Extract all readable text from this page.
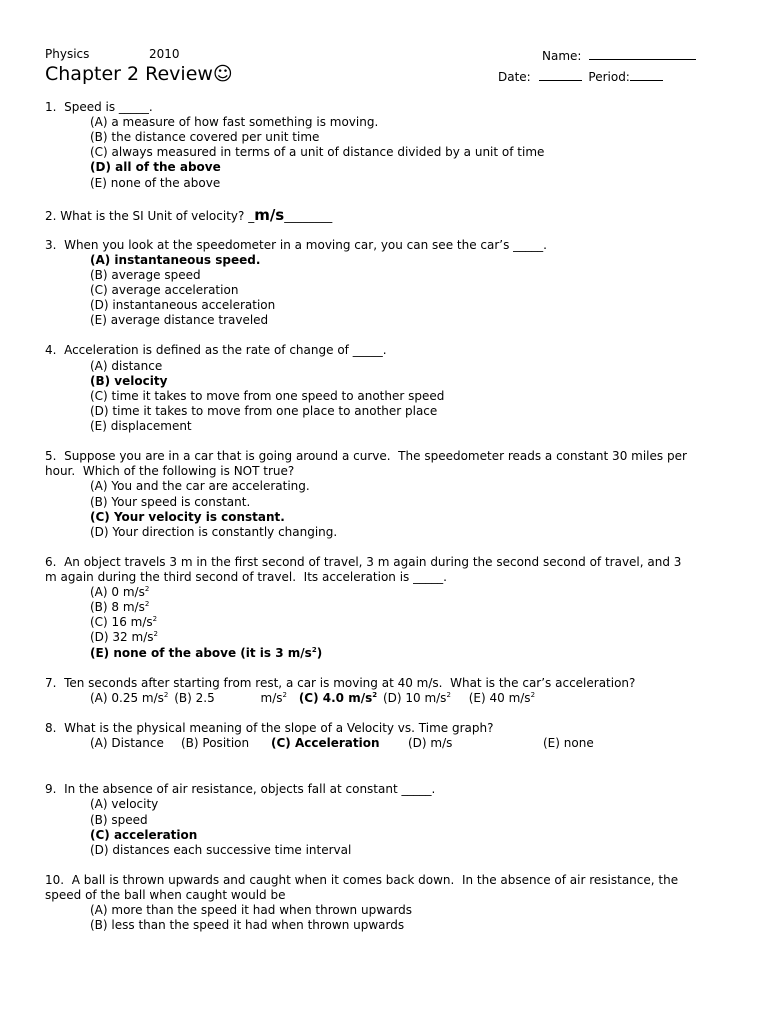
Physics	2010	Name:
Chapter 2 Review☺	Date:	Period:
1.  Speed is _____.
(A) a measure of how fast something is moving.
(B) the distance covered per unit time
(C) always measured in terms of a unit of distance divided by a unit of time
(D) all of the above
(E) none of the above
2. What is the SI Unit of velocity? _m/s________
3.  When you look at the speedometer in a moving car, you can see the car’s _____.
(A) instantaneous speed.
(B) average speed
(C) average acceleration
(D) instantaneous acceleration
(E) average distance traveled
4.  Acceleration is defined as the rate of change of _____.
(A) distance
(B) velocity
(C) time it takes to move from one speed to another speed
(D) time it takes to move from one place to another place
(E) displacement
5.  Suppose you are in a car that is going around a curve.  The speedometer reads a constant 30 miles per
hour.  Which of the following is NOT true?
(A) You and the car are accelerating.
(B) Your speed is constant.
(C) Your velocity is constant.
(D) Your direction is constantly changing.
6.  An object travels 3 m in the first second of travel, 3 m again during the second second of travel, and 3
m again during the third second of travel.  Its acceleration is _____.
(A) 0 $m/s^2$
(B) 8 $m/s^2$
(C) 16 $m/s^2$
(D) 32 $m/s^2$
(E) none of the above (it is 3 $m/s^2$)
7.  Ten seconds after starting from rest, a car is moving at 40 m/s.  What is the car’s acceleration?
(A) 0.25 $m/s^2$ (B) 2.5	$m/s^2$ (C) 4.0 $m/s^2$ (D) 10 $m/s^2$ (E) 40 $m/s^2$
8.  What is the physical meaning of the slope of a Velocity vs. Time graph?
(A) Distance (B) Position (C) Acceleration (D) m/s	(E) none
9.  In the absence of air resistance, objects fall at constant _____.
(A) velocity
(B) speed
(C) acceleration
(D) distances each successive time interval
10.  A ball is thrown upwards and caught when it comes back down.  In the absence of air resistance, the
speed of the ball when caught would be
(A) more than the speed it had when thrown upwards
(B) less than the speed it had when thrown upwards
